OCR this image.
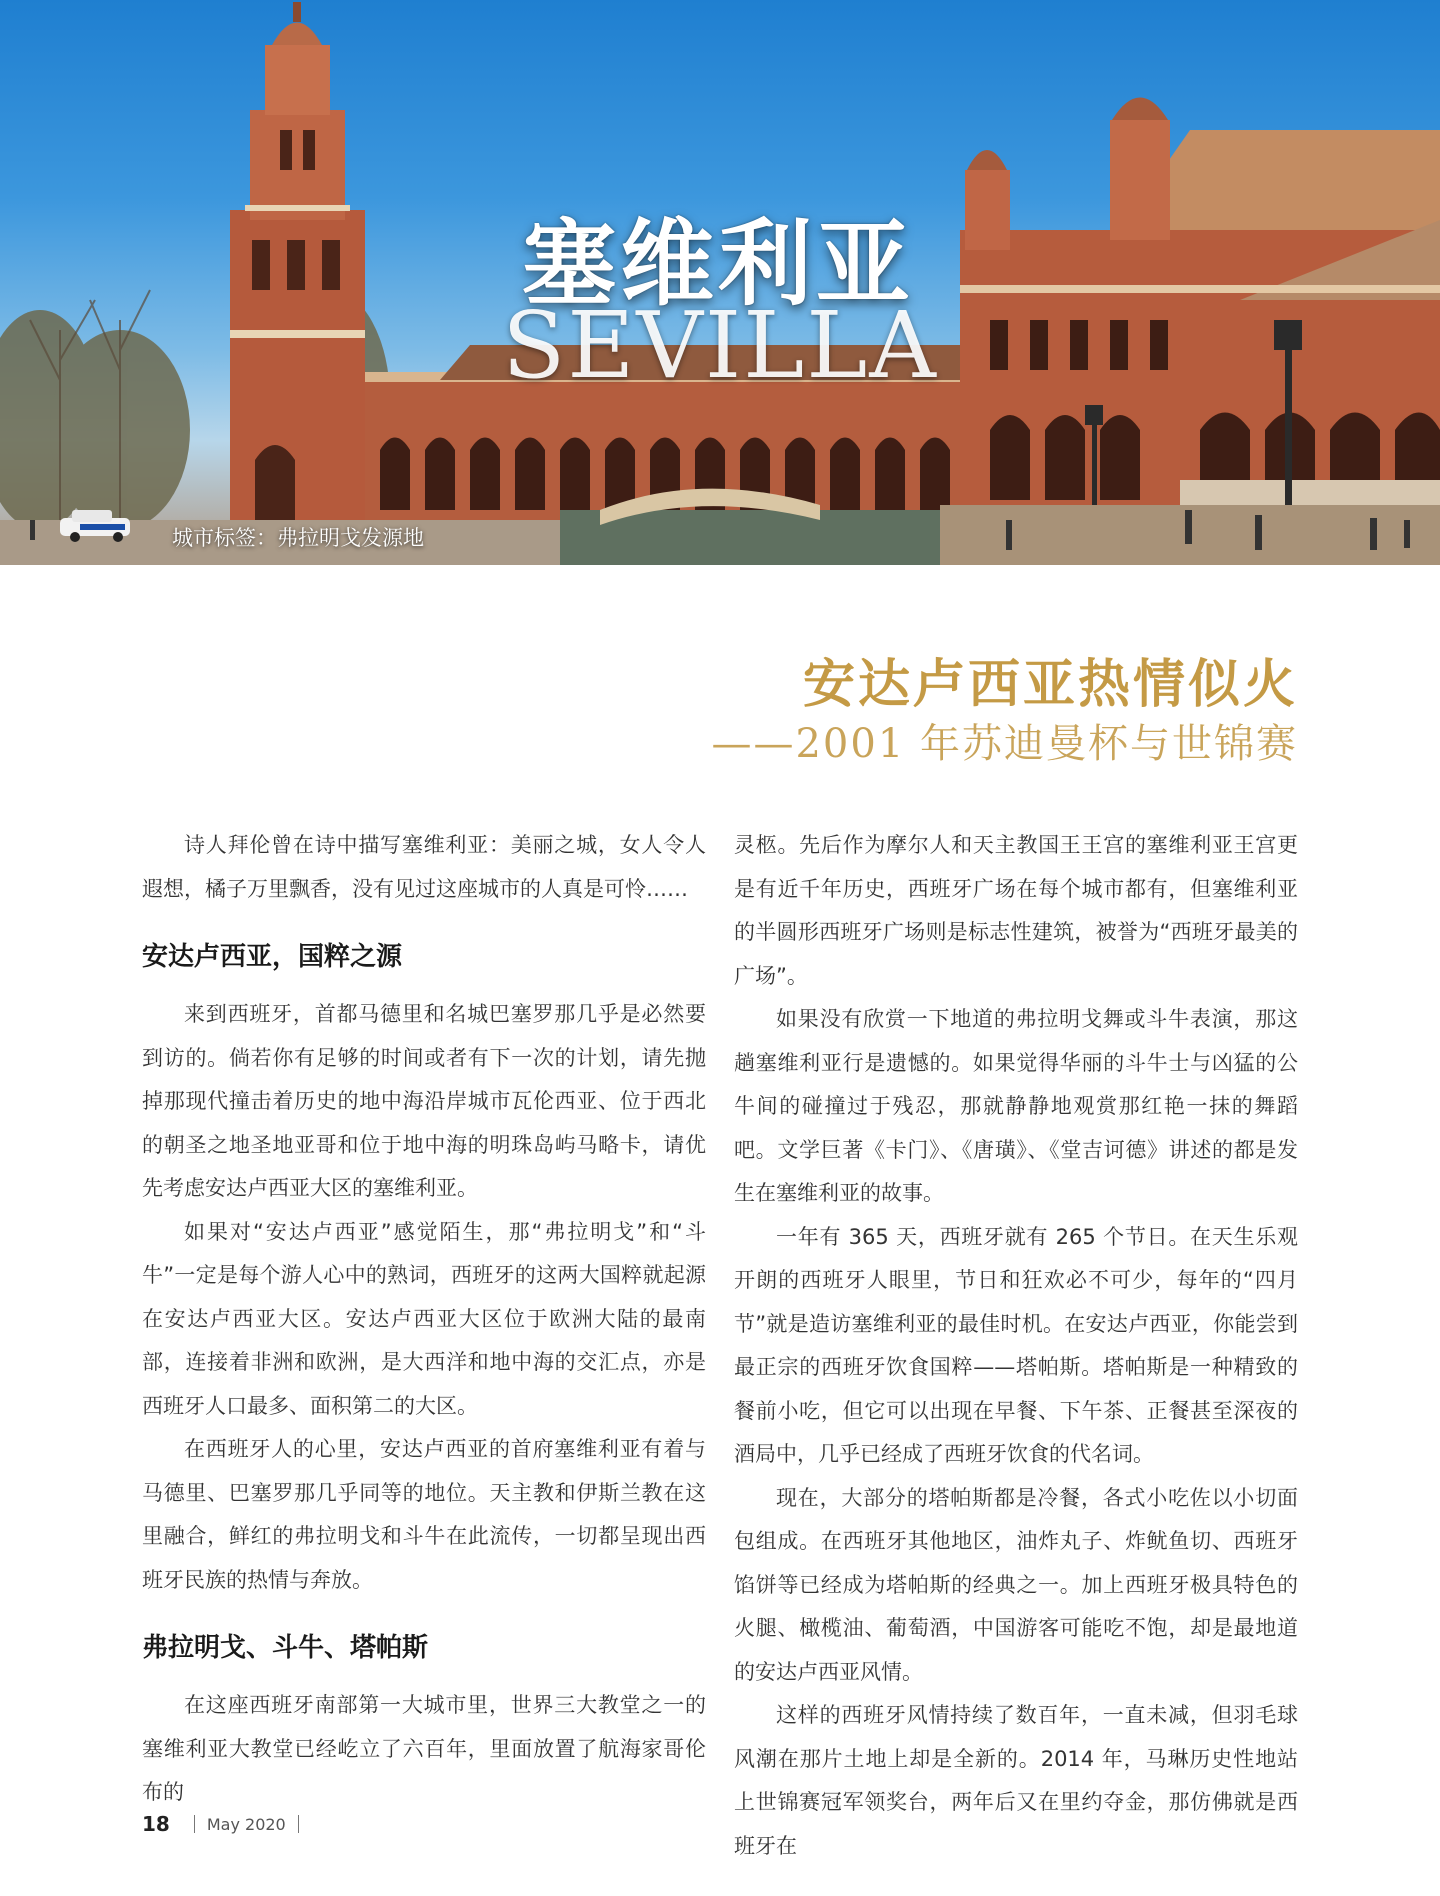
塞维利亚
SEVILLA
城市标签：弗拉明戈发源地
安达卢西亚热情似火
——2001 年苏迪曼杯与世锦赛

诗人拜伦曾在诗中描写塞维利亚：美丽之城，女人令人遐想，橘子万里飘香，没有见过这座城市的人真是可怜……

安达卢西亚，国粹之源

来到西班牙，首都马德里和名城巴塞罗那几乎是必然要到访的。倘若你有足够的时间或者有下一次的计划，请先抛掉那现代撞击着历史的地中海沿岸城市瓦伦西亚、位于西北的朝圣之地圣地亚哥和位于地中海的明珠岛屿马略卡，请优先考虑安达卢西亚大区的塞维利亚。

如果对“安达卢西亚”感觉陌生，那“弗拉明戈”和“斗牛”一定是每个游人心中的熟词，西班牙的这两大国粹就起源在安达卢西亚大区。安达卢西亚大区位于欧洲大陆的最南部，连接着非洲和欧洲，是大西洋和地中海的交汇点，亦是西班牙人口最多、面积第二的大区。

在西班牙人的心里，安达卢西亚的首府塞维利亚有着与马德里、巴塞罗那几乎同等的地位。天主教和伊斯兰教在这里融合，鲜红的弗拉明戈和斗牛在此流传，一切都呈现出西班牙民族的热情与奔放。

弗拉明戈、斗牛、塔帕斯

在这座西班牙南部第一大城市里，世界三大教堂之一的塞维利亚大教堂已经屹立了六百年，里面放置了航海家哥伦布的

灵柩。先后作为摩尔人和天主教国王王宫的塞维利亚王宫更是有近千年历史，西班牙广场在每个城市都有，但塞维利亚的半圆形西班牙广场则是标志性建筑，被誉为“西班牙最美的广场”。

如果没有欣赏一下地道的弗拉明戈舞或斗牛表演，那这趟塞维利亚行是遗憾的。如果觉得华丽的斗牛士与凶猛的公牛间的碰撞过于残忍，那就静静地观赏那红艳一抹的舞蹈吧。文学巨著《卡门》、《唐璜》、《堂吉诃德》讲述的都是发生在塞维利亚的故事。

一年有 365 天，西班牙就有 265 个节日。在天生乐观开朗的西班牙人眼里，节日和狂欢必不可少，每年的“四月节”就是造访塞维利亚的最佳时机。在安达卢西亚，你能尝到最正宗的西班牙饮食国粹——塔帕斯。塔帕斯是一种精致的餐前小吃，但它可以出现在早餐、下午茶、正餐甚至深夜的酒局中，几乎已经成了西班牙饮食的代名词。

现在，大部分的塔帕斯都是冷餐，各式小吃佐以小切面包组成。在西班牙其他地区，油炸丸子、炸鱿鱼切、西班牙馅饼等已经成为塔帕斯的经典之一。加上西班牙极具特色的火腿、橄榄油、葡萄酒，中国游客可能吃不饱，却是最地道的安达卢西亚风情。

这样的西班牙风情持续了数百年，一直未减，但羽毛球风潮在那片土地上却是全新的。2014 年，马琳历史性地站上世锦赛冠军领奖台，两年后又在里约夺金，那仿佛就是西班牙在

18 May 2020
